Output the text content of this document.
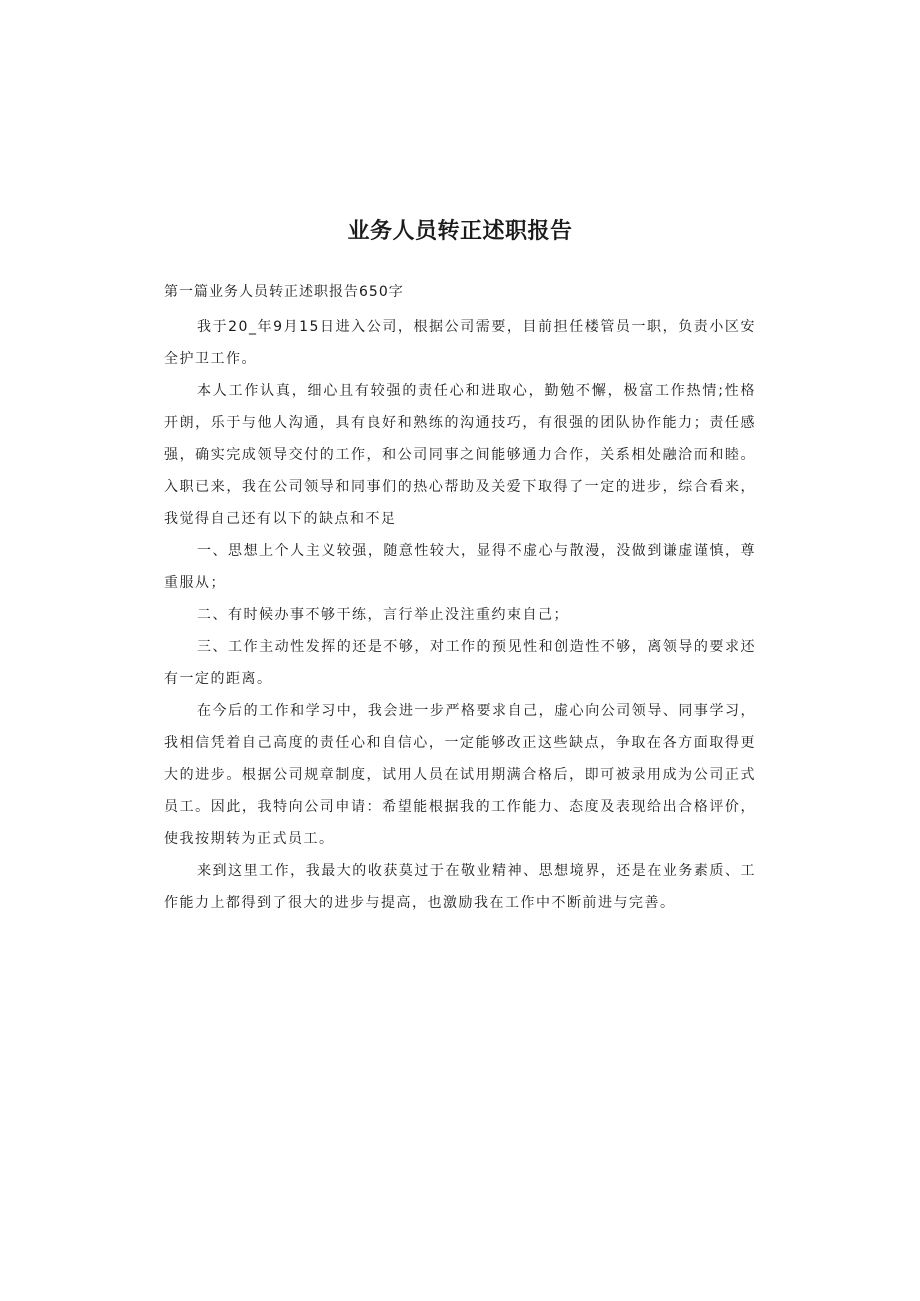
业务人员转正述职报告

第一篇业务人员转正述职报告650字

我于20_年9月15日进入公司，根据公司需要，目前担任楼管员一职，负责小区安全护卫工作。

本人工作认真，细心且有较强的责任心和进取心，勤勉不懈，极富工作热情;性格开朗，乐于与他人沟通，具有良好和熟练的沟通技巧，有很强的团队协作能力；责任感强，确实完成领导交付的工作，和公司同事之间能够通力合作，关系相处融洽而和睦。入职已来，我在公司领导和同事们的热心帮助及关爱下取得了一定的进步，综合看来，我觉得自己还有以下的缺点和不足

一、思想上个人主义较强，随意性较大，显得不虚心与散漫，没做到谦虚谨慎，尊重服从；

二、有时候办事不够干练，言行举止没注重约束自己；

三、工作主动性发挥的还是不够，对工作的预见性和创造性不够，离领导的要求还有一定的距离。

在今后的工作和学习中，我会进一步严格要求自己，虚心向公司领导、同事学习，我相信凭着自己高度的责任心和自信心，一定能够改正这些缺点，争取在各方面取得更大的进步。根据公司规章制度，试用人员在试用期满合格后，即可被录用成为公司正式员工。因此，我特向公司申请：希望能根据我的工作能力、态度及表现给出合格评价，使我按期转为正式员工。

来到这里工作，我最大的收获莫过于在敬业精神、思想境界，还是在业务素质、工作能力上都得到了很大的进步与提高，也激励我在工作中不断前进与完善。
